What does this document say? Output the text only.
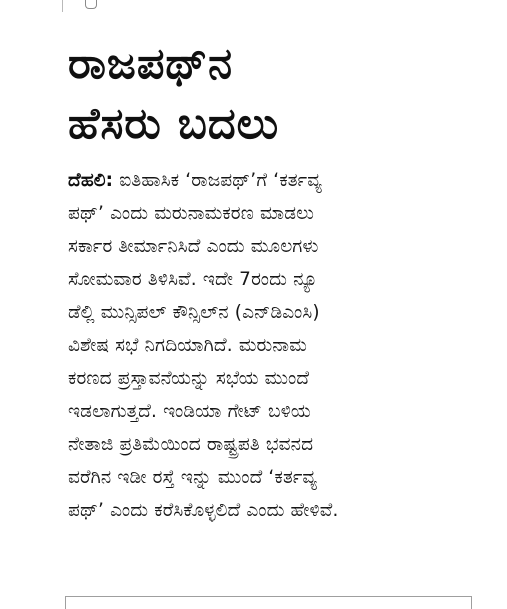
ರಾಜಪಥ್‌ನ
ಹೆಸರು ಬದಲು
ದೆಹಲಿ: ಐತಿಹಾಸಿಕ ‘ರಾಜಪಥ್’ಗೆ ‘ಕರ್ತವ್ಯ
ಪಥ್’ ಎಂದು ಮರುನಾಮಕರಣ ಮಾಡಲು
ಸರ್ಕಾರ ತೀರ್ಮಾನಿಸಿದೆ ಎಂದು ಮೂಲಗಳು
ಸೋಮವಾರ ತಿಳಿಸಿವೆ. ಇದೇ 7ರಂದು ನ್ಯೂ
ಡೆಲ್ಲಿ ಮುನ್ಸಿಪಲ್ ಕೌನ್ಸಿಲ್‌ನ (ಎನ್‌ಡಿಎಂಸಿ)
ವಿಶೇಷ ಸಭೆ ನಿಗದಿಯಾಗಿದೆ. ಮರುನಾಮ
ಕರಣದ ಪ್ರಸ್ತಾವನೆಯನ್ನು ಸಭೆಯ ಮುಂದೆ
ಇಡಲಾಗುತ್ತದೆ. ಇಂಡಿಯಾ ಗೇಟ್ ಬಳಿಯ
ನೇತಾಜಿ ಪ್ರತಿಮೆಯಿಂದ ರಾಷ್ಟ್ರಪತಿ ಭವನದ
ವರೆಗಿನ ಇಡೀ ರಸ್ತೆ ಇನ್ನು ಮುಂದೆ ‘ಕರ್ತವ್ಯ
ಪಥ್’ ಎಂದು ಕರೆಸಿಕೊಳ್ಳಲಿದೆ ಎಂದು ಹೇಳಿವೆ.
